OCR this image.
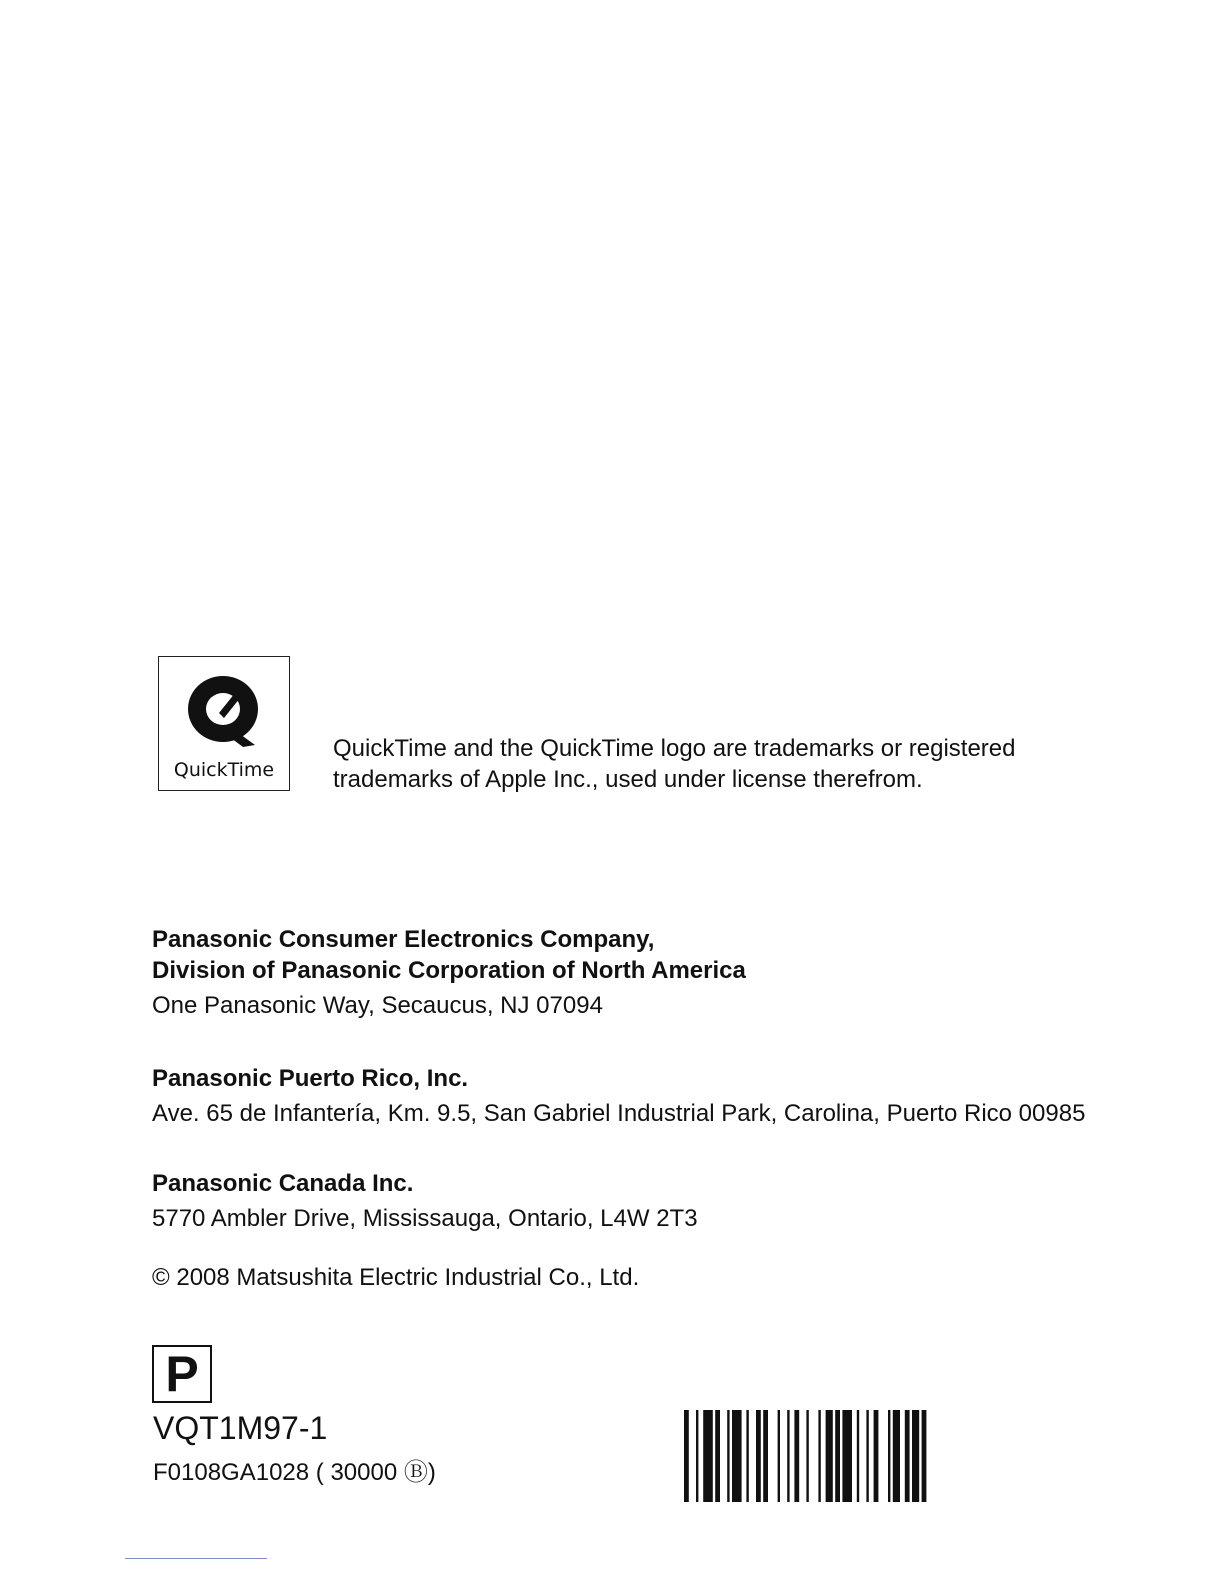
QuickTime
QuickTime and the QuickTime logo are trademarks or registered
trademarks of Apple Inc., used under license therefrom.
Panasonic Consumer Electronics Company,
Division of Panasonic Corporation of North America
One Panasonic Way, Secaucus, NJ 07094
Panasonic Puerto Rico, Inc.
Ave. 65 de Infantería, Km. 9.5, San Gabriel Industrial Park, Carolina, Puerto Rico 00985
Panasonic Canada Inc.
5770 Ambler Drive, Mississauga, Ontario, L4W 2T3
© 2008 Matsushita Electric Industrial Co., Ltd.
P
VQT1M97-1
F0108GA1028 ( 30000 Ⓑ)
